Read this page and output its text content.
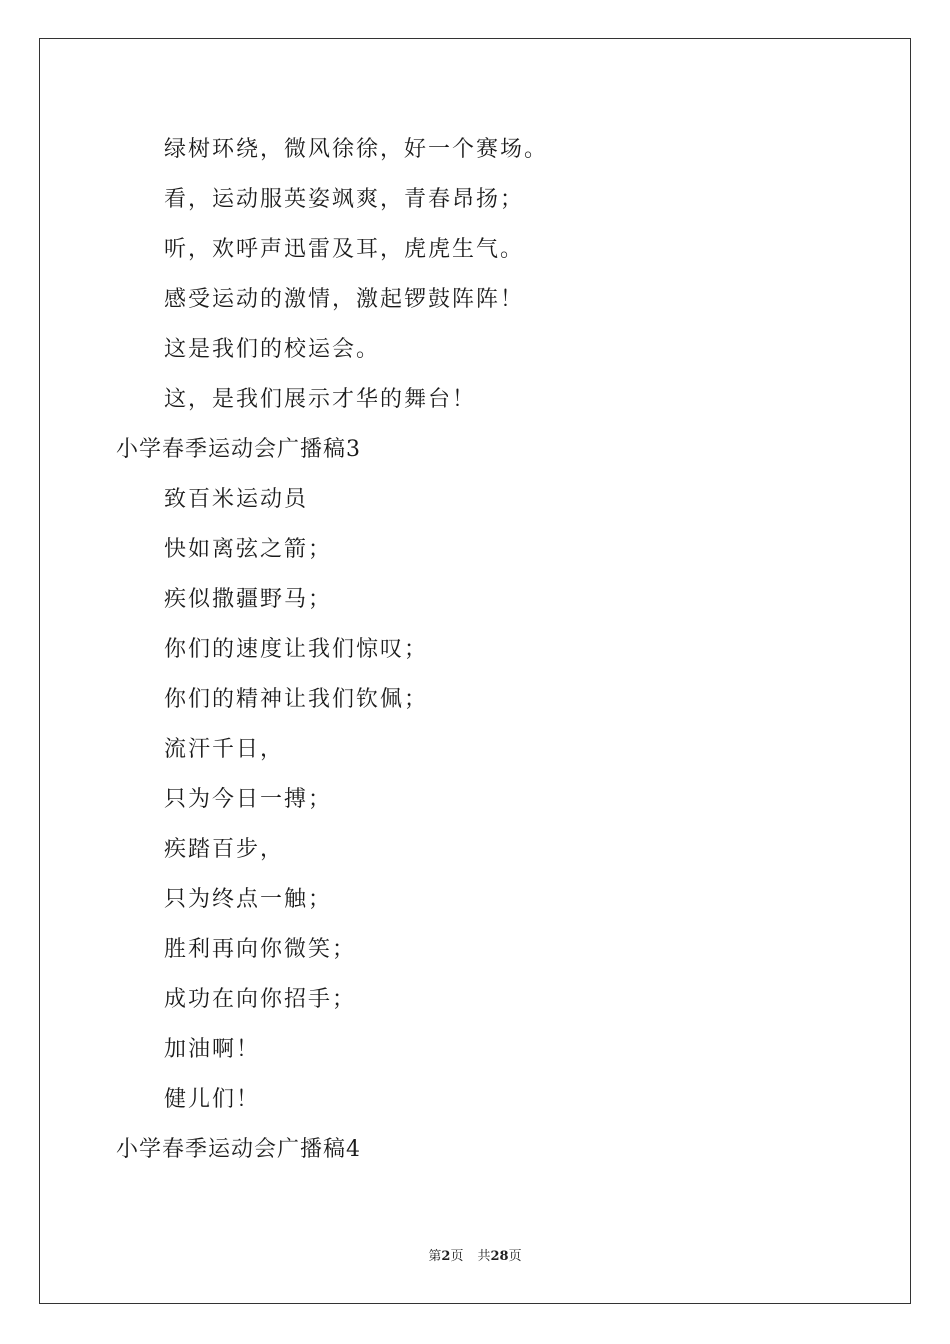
绿树环绕，微风徐徐，好一个赛场。
看，运动服英姿飒爽，青春昂扬；
听，欢呼声迅雷及耳，虎虎生气。
感受运动的激情，激起锣鼓阵阵！
这是我们的校运会。
这，是我们展示才华的舞台！
小学春季运动会广播稿3
致百米运动员
快如离弦之箭；
疾似撒疆野马；
你们的速度让我们惊叹；
你们的精神让我们钦佩；
流汗千日，
只为今日一搏；
疾踏百步，
只为终点一触；
胜利再向你微笑；
成功在向你招手；
加油啊！
健儿们！
小学春季运动会广播稿4
第2页 共28页
